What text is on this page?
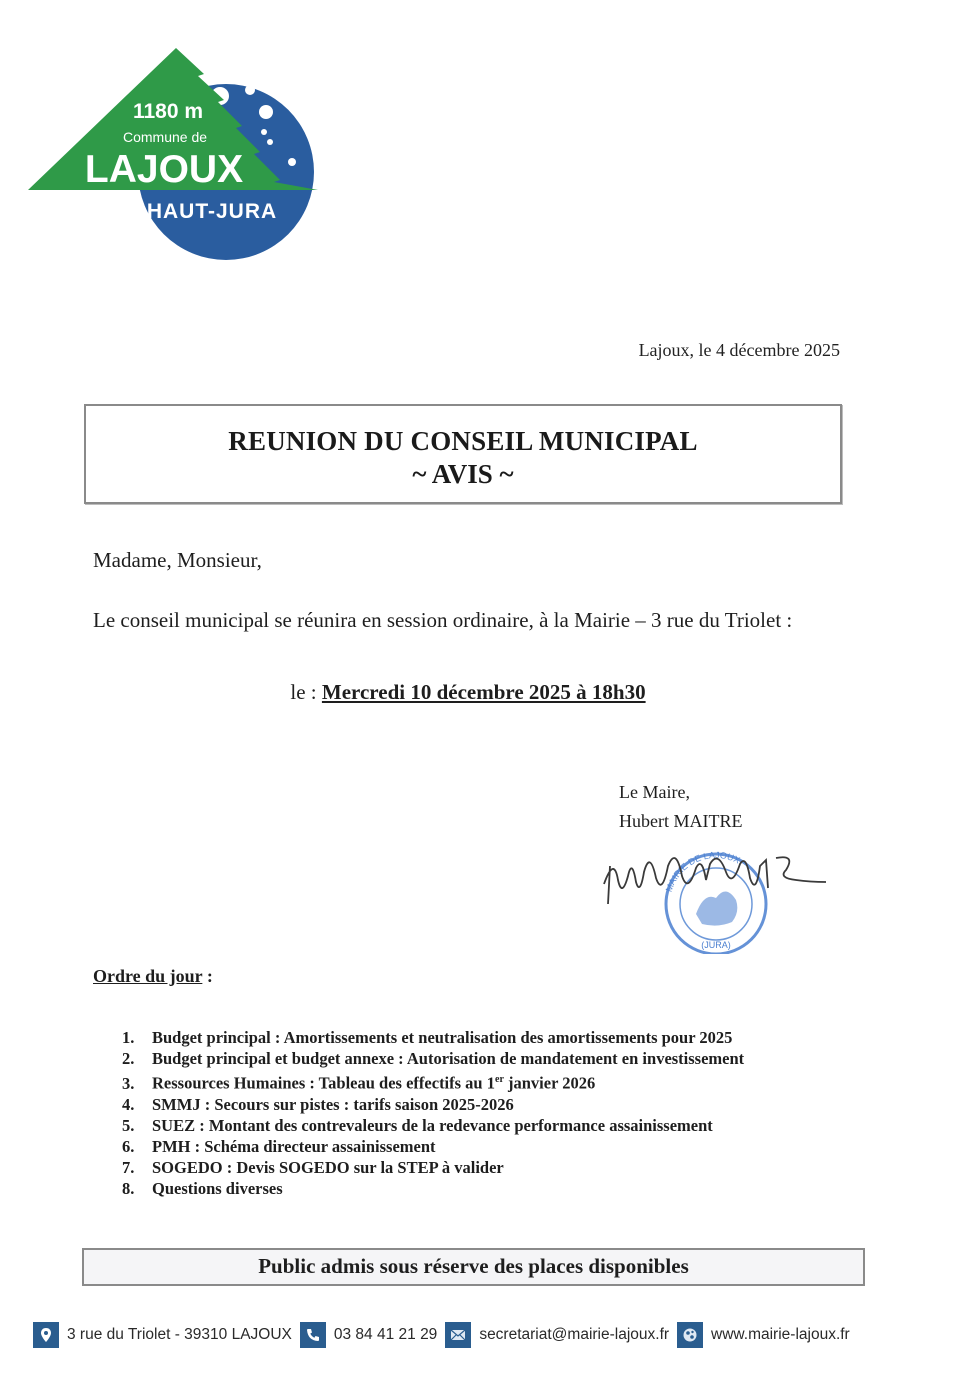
1180 m
Commune de
LAJOUX
HAUT-JURA
Lajoux, le 4 décembre 2025
REUNION DU CONSEIL MUNICIPAL
~ AVIS ~
Madame, Monsieur,
Le conseil municipal se réunira en session ordinaire, à la Mairie – 3 rue du Triolet :
le : Mercredi 10 décembre 2025 à 18h30
Le Maire,
Hubert MAITRE
MAIRIE DE LAJOUX
(JURA)
Ordre du jour :
1. Budget principal : Amortissements et neutralisation des amortissements pour 2025
2. Budget principal et budget annexe : Autorisation de mandatement en investissement
3. Ressources Humaines : Tableau des effectifs au 1er janvier 2026
4. SMMJ : Secours sur pistes : tarifs saison 2025-2026
5. SUEZ : Montant des contrevaleurs de la redevance performance assainissement
6. PMH : Schéma directeur assainissement
7. SOGEDO : Devis SOGEDO sur la STEP à valider
8. Questions diverses
Public admis sous réserve des places disponibles
3 rue du Triolet - 39310 LAJOUX	03 84 41 21 29	secretariat@mairie-lajoux.fr	www.mairie-lajoux.fr
